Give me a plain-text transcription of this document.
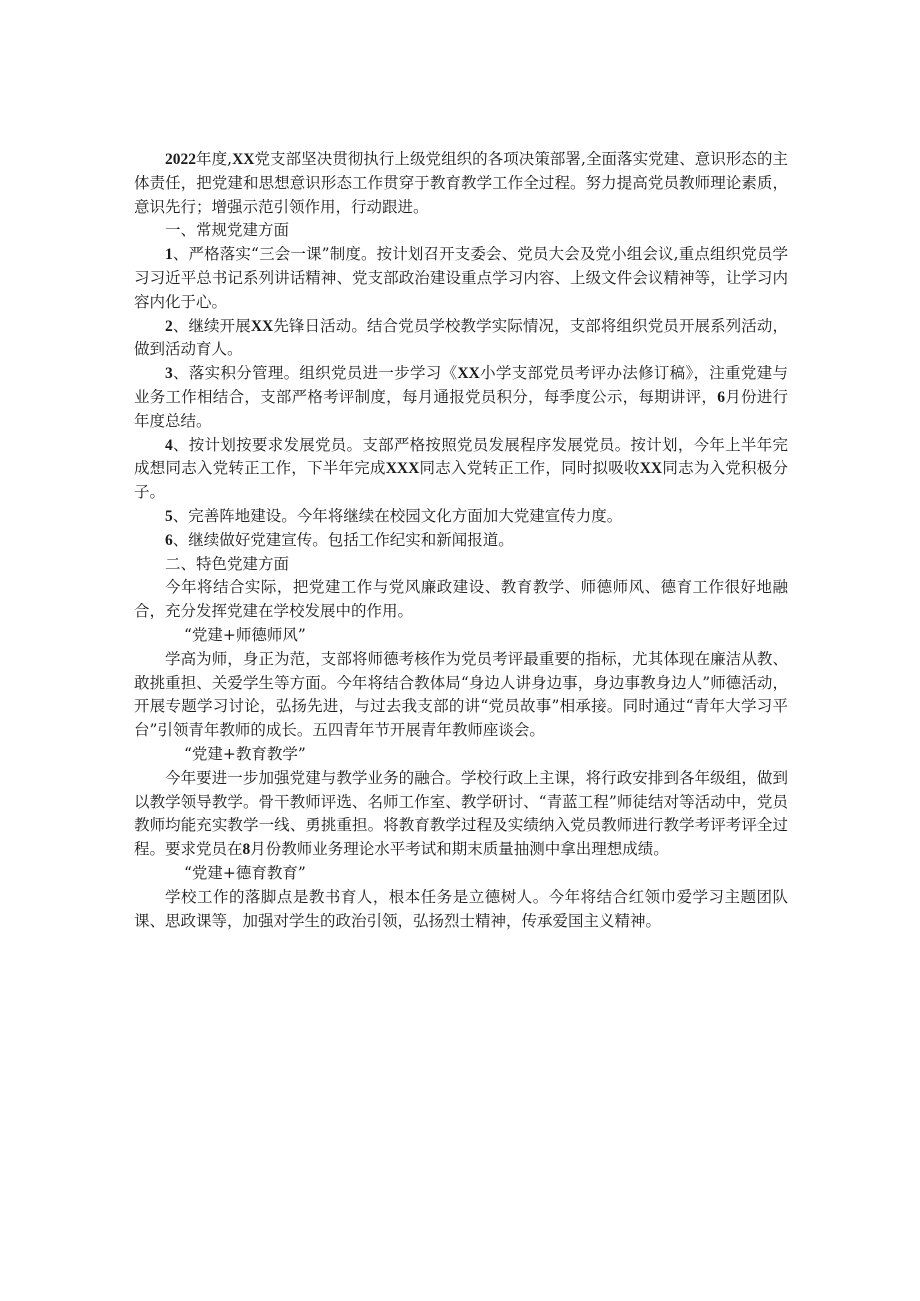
2022年度,XX党支部坚决贯彻执行上级党组织的各项决策部署,全面落实党建、意识形态的主体责任，把党建和思想意识形态工作贯穿于教育教学工作全过程。努力提高党员教师理论素质，意识先行；增强示范引领作用，行动跟进。

一、常规党建方面

1、严格落实“三会一课”制度。按计划召开支委会、党员大会及党小组会议,重点组织党员学习习近平总书记系列讲话精神、党支部政治建设重点学习内容、上级文件会议精神等，让学习内容内化于心。

2、继续开展XX先锋日活动。结合党员学校教学实际情况，支部将组织党员开展系列活动，做到活动育人。

3、落实积分管理。组织党员进一步学习《XX小学支部党员考评办法修订稿》，注重党建与业务工作相结合，支部严格考评制度，每月通报党员积分，每季度公示，每期讲评，6月份进行年度总结。

4、按计划按要求发展党员。支部严格按照党员发展程序发展党员。按计划，今年上半年完成想同志入党转正工作，下半年完成XXX同志入党转正工作，同时拟吸收XX同志为入党积极分子。

5、完善阵地建设。今年将继续在校园文化方面加大党建宣传力度。

6、继续做好党建宣传。包括工作纪实和新闻报道。

二、特色党建方面

今年将结合实际，把党建工作与党风廉政建设、教育教学、师德师风、德育工作很好地融合，充分发挥党建在学校发展中的作用。

“党建+师德师风”

学高为师，身正为范，支部将师德考核作为党员考评最重要的指标，尤其体现在廉洁从教、敢挑重担、关爱学生等方面。今年将结合教体局“身边人讲身边事，身边事教身边人”师德活动，开展专题学习讨论，弘扬先进，与过去我支部的讲“党员故事”相承接。同时通过“青年大学习平台”引领青年教师的成长。五四青年节开展青年教师座谈会。

“党建+教育教学”

今年要进一步加强党建与教学业务的融合。学校行政上主课，将行政安排到各年级组，做到以教学领导教学。骨干教师评选、名师工作室、教学研讨、“青蓝工程”师徒结对等活动中，党员教师均能充实教学一线、勇挑重担。将教育教学过程及实绩纳入党员教师进行教学考评考评全过程。要求党员在8月份教师业务理论水平考试和期末质量抽测中拿出理想成绩。

“党建+德育教育”

学校工作的落脚点是教书育人，根本任务是立德树人。今年将结合红领巾爱学习主题团队课、思政课等，加强对学生的政治引领，弘扬烈士精神，传承爱国主义精神。
